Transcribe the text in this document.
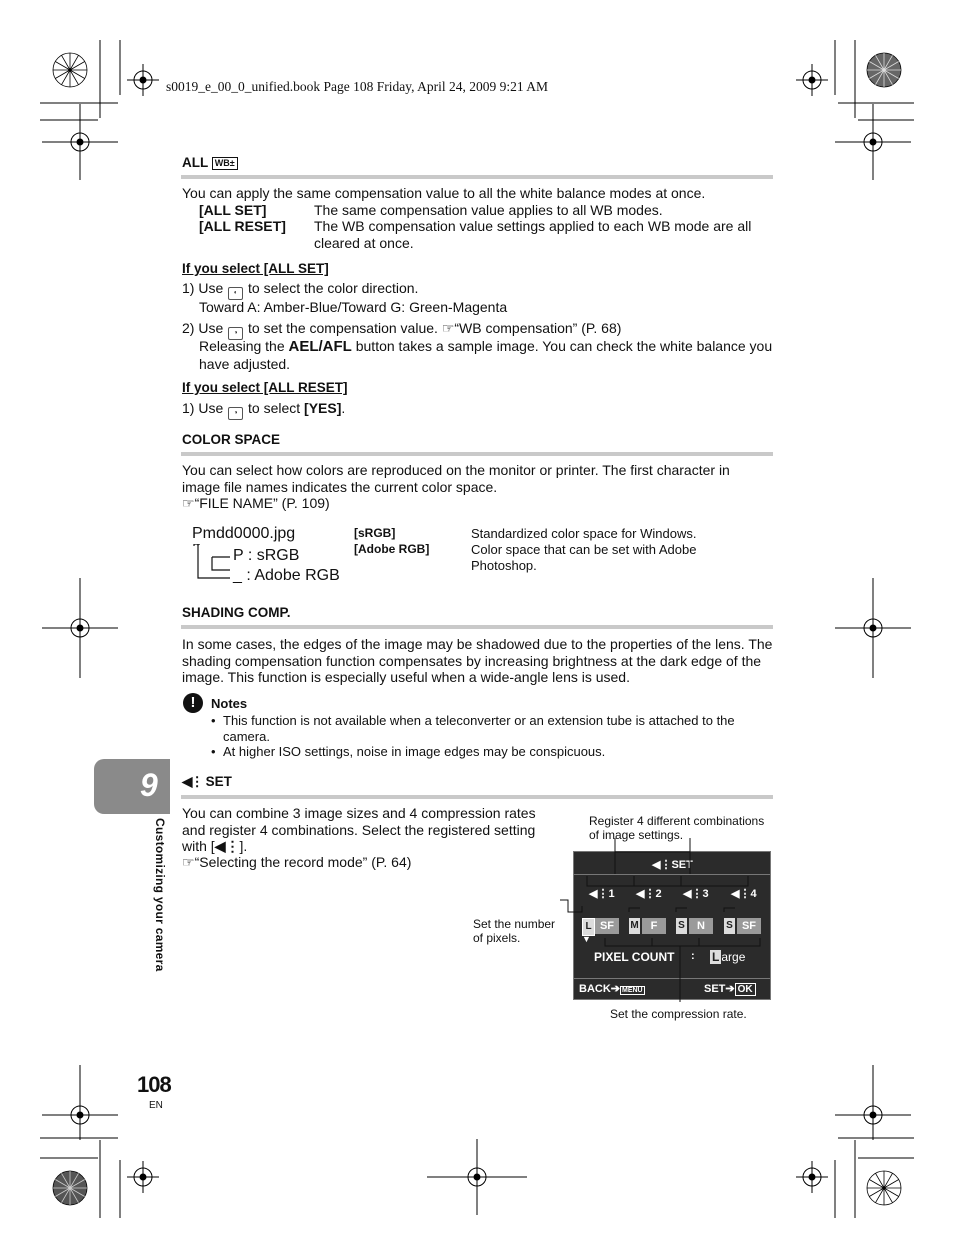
s0019_e_00_0_unified.book Page 108 Friday, April 24, 2009 9:21 AM
ALL WB±
You can apply the same compensation value to all the white balance modes at once.
[ALL SET]	The same compensation value applies to all WB modes.
[ALL RESET] The WB compensation value settings applied to each WB mode are all cleared at once.
If you select [ALL SET]
1) Use ◐ to select the color direction.
Toward A: Amber-Blue/Toward G: Green-Magenta
2) Use ◑ to set the compensation value. ☞“WB compensation” (P. 68)
Releasing the AEL/AFL button takes a sample image. You can check the white balance you have adjusted.
If you select [ALL RESET]
1) Use ◑ to select [YES].
COLOR SPACE
You can select how colors are reproduced on the monitor or printer. The first character in image file names indicates the current color space.
☞“FILE NAME” (P. 109)
Pmdd0000.jpg
P : sRGB
_ : Adobe RGB
[sRGB]	Standardized color space for Windows.
[Adobe RGB]	Color space that can be set with Adobe Photoshop.
SHADING COMP.
In some cases, the edges of the image may be shadowed due to the properties of the lens. The shading compensation function compensates by increasing brightness at the dark edge of the image. This function is especially useful when a wide-angle lens is used.
!	Notes
• This function is not available when a teleconverter or an extension tube is attached to the camera.
• At higher ISO settings, noise in image edges may be conspicuous.
◀⋮ SET
You can combine 3 image sizes and 4 compression rates and register 4 combinations. Select the registered setting with [◀⋮].
☞“Selecting the record mode” (P. 64)
Register 4 different combinations of image settings.
Set the number of pixels.
Set the compression rate.
◀⋮SET
◀⋮1 ◀⋮2 ◀⋮3 ◀⋮4
L SF	M	F	S	N	S SF
▼
PIXEL COUNT : L arge
BACK➔ MENU	SET➔ OK
9
Customizing your camera
108
EN
